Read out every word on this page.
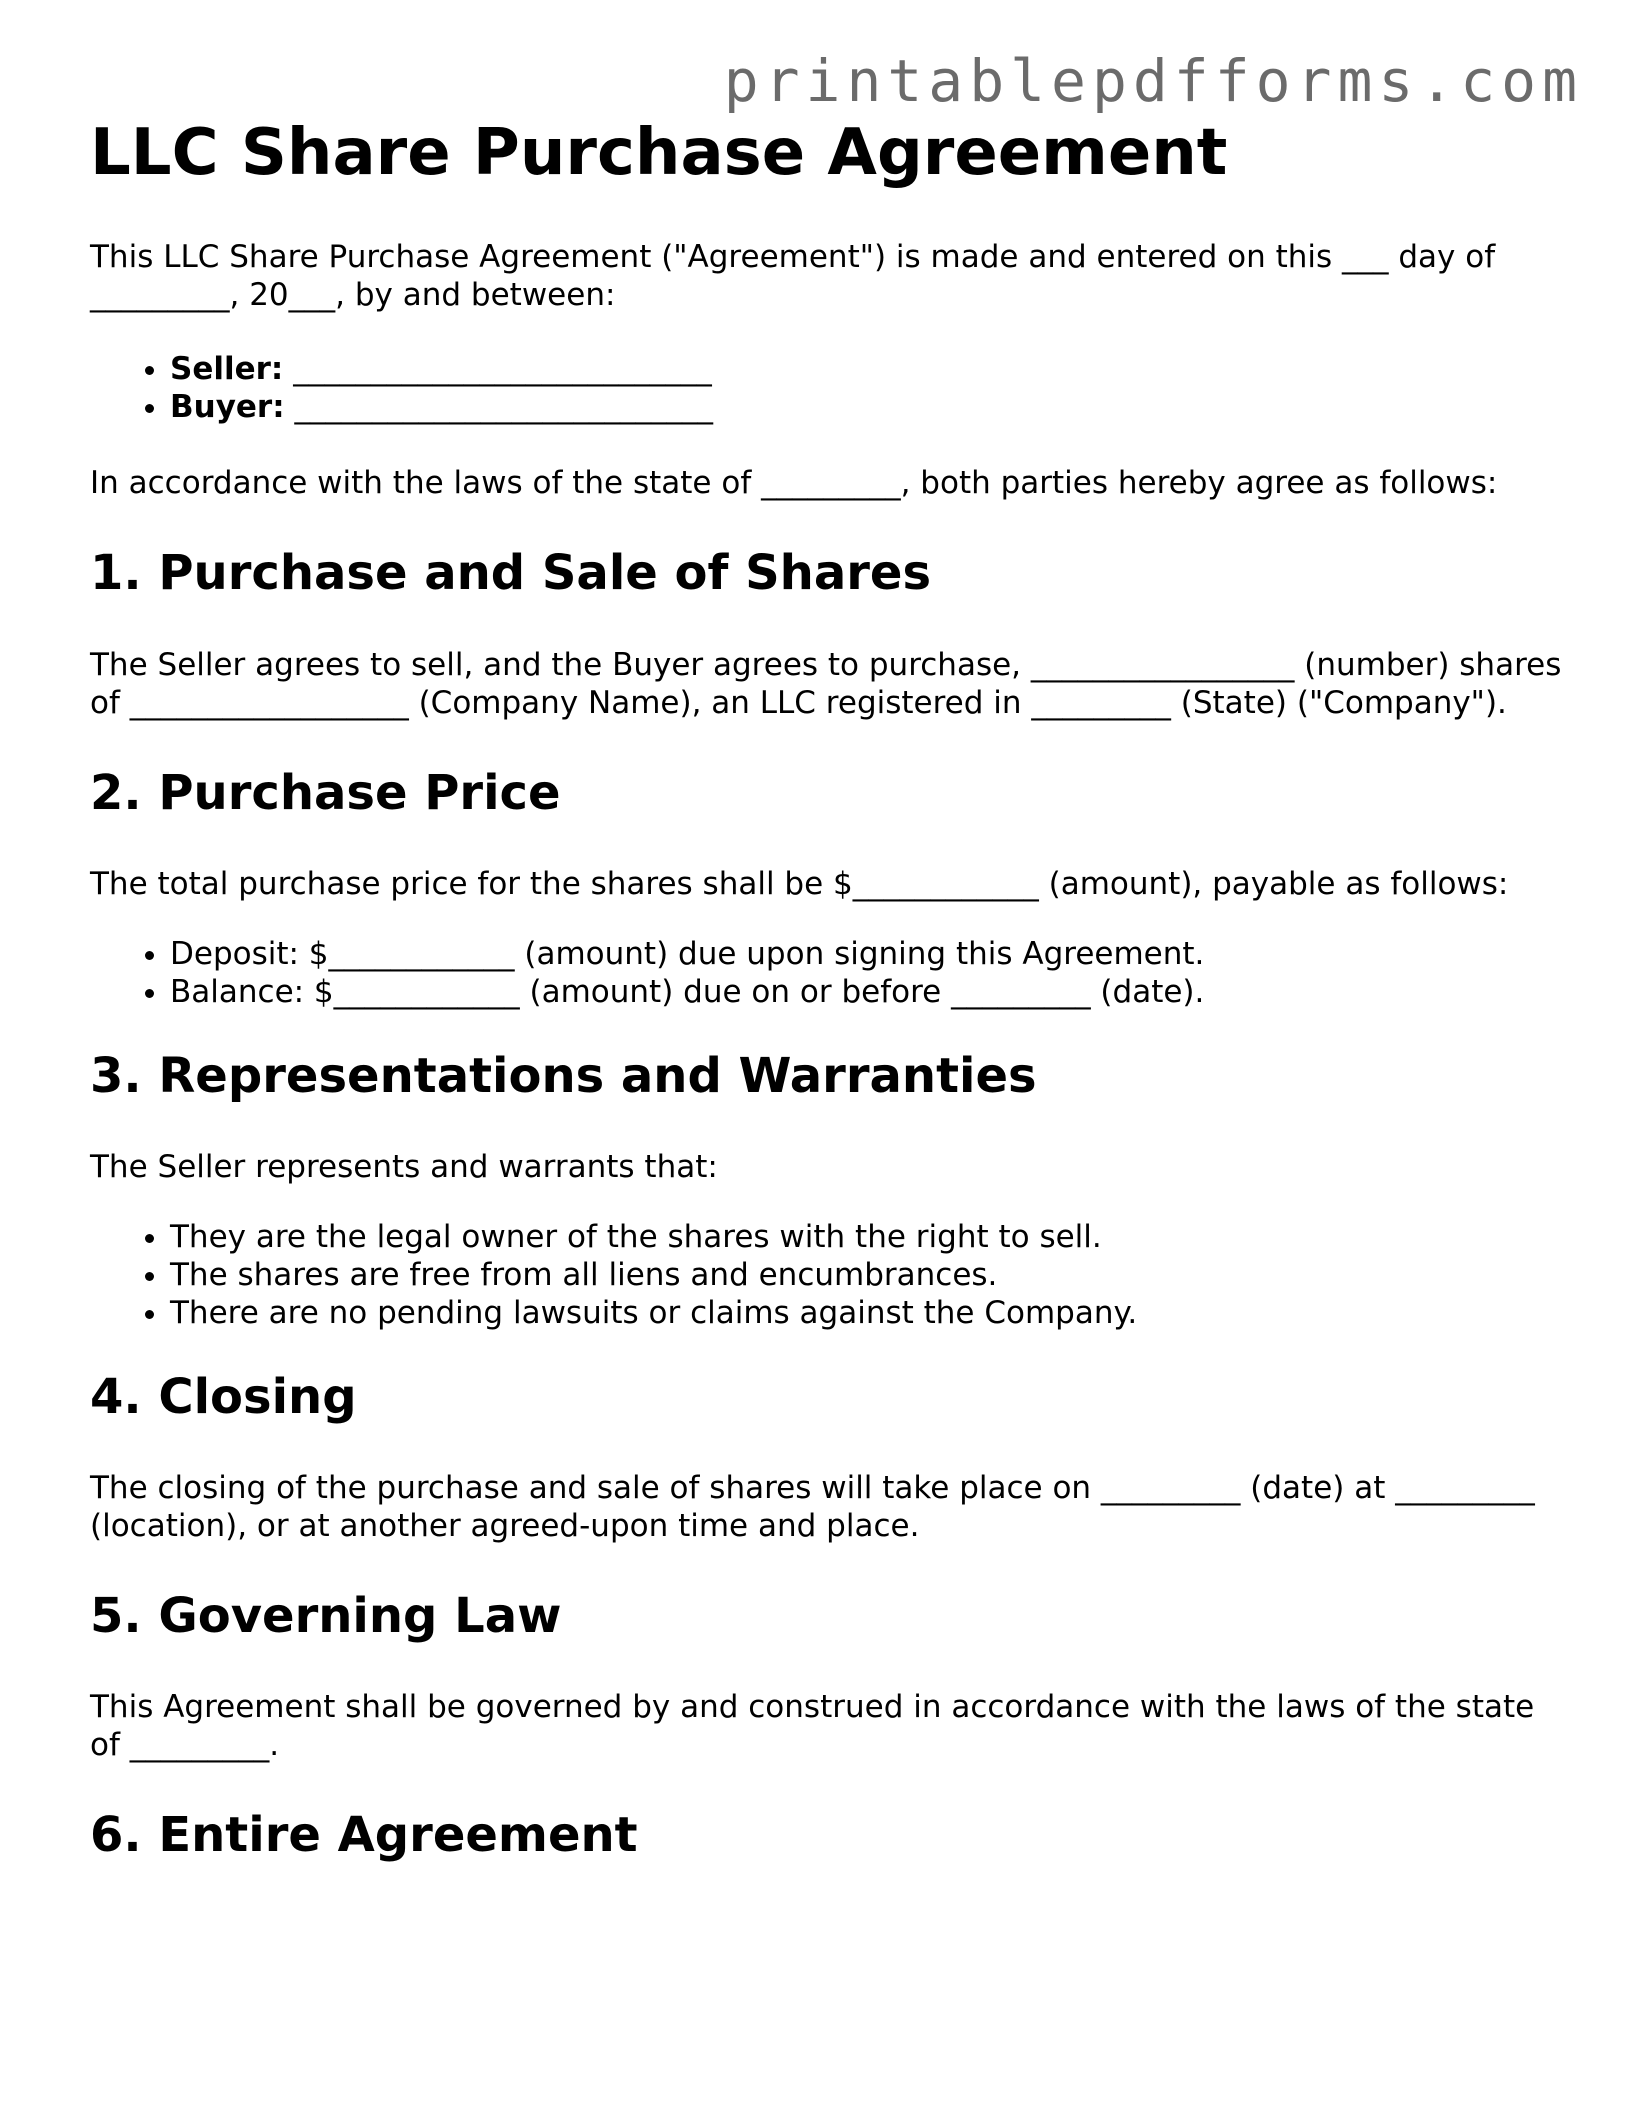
printablepdfforms.com
LLC Share Purchase Agreement

This LLC Share Purchase Agreement ("Agreement") is made and entered on this ___ day of _________, 20___, by and between:

• Seller: ___________________________
• Buyer: ___________________________

In accordance with the laws of the state of _________, both parties hereby agree as follows:

1. Purchase and Sale of Shares

The Seller agrees to sell, and the Buyer agrees to purchase, _________________ (number) shares of __________________ (Company Name), an LLC registered in _________ (State) ("Company").

2. Purchase Price

The total purchase price for the shares shall be $____________ (amount), payable as follows:

• Deposit: $____________ (amount) due upon signing this Agreement.
• Balance: $____________ (amount) due on or before _________ (date).
3. Representations and Warranties

The Seller represents and warrants that:

• They are the legal owner of the shares with the right to sell.
• The shares are free from all liens and encumbrances.
• There are no pending lawsuits or claims against the Company.
4. Closing

The closing of the purchase and sale of shares will take place on _________ (date) at _________ (location), or at another agreed-upon time and place.

5. Governing Law

This Agreement shall be governed by and construed in accordance with the laws of the state of _________.

6. Entire Agreement
